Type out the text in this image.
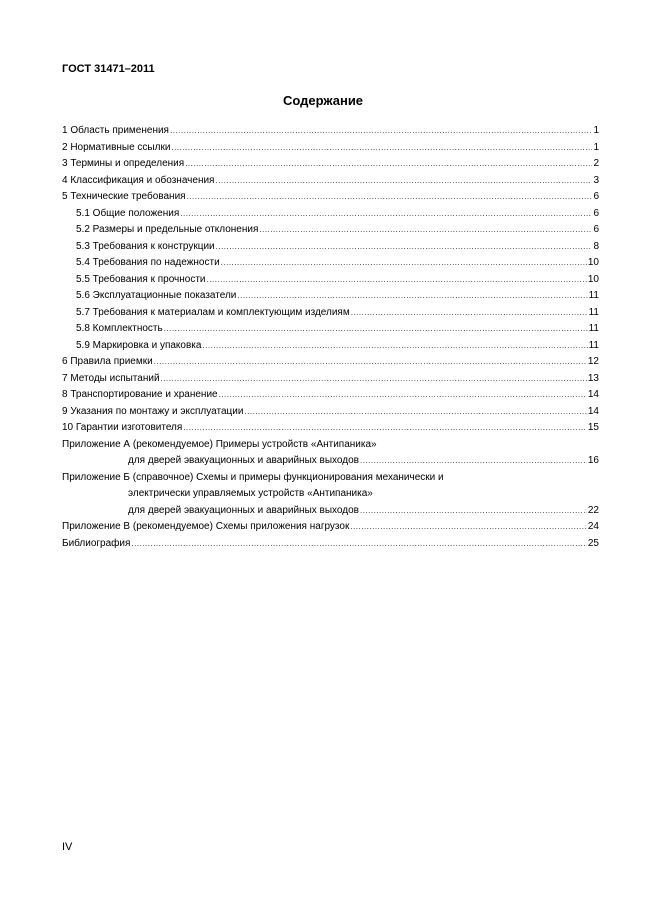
ГОСТ 31471–2011
Содержание
1 Область применения .....	1
2 Нормативные ссылки .....	1
3 Термины и определения .....	2
4 Классификация и обозначения .....	3
5 Технические требования .....	6
5.1 Общие положения .....	6
5.2 Размеры и предельные отклонения .....	6
5.3 Требования к конструкции .....	8
5.4 Требования по надежности .....	10
5.5 Требования к прочности .....	10
5.6 Эксплуатационные показатели .....	11
5.7 Требования к материалам и комплектующим изделиям .....	11
5.8 Комплектность .....	11
5.9 Маркировка и упаковка .....	11
6 Правила приемки .....	12
7 Методы испытаний .....	13
8 Транспортирование и хранение .....	14
9 Указания по монтажу и эксплуатации .....	14
10 Гарантии изготовителя .....	15
Приложение А (рекомендуемое) Примеры устройств «Антипаника»
для дверей эвакуационных и аварийных выходов .....	16
Приложение Б (справочное) Схемы и примеры функционирования механически и
электрически управляемых устройств «Антипаника»
для дверей эвакуационных и аварийных выходов .....	22
Приложение В (рекомендуемое) Схемы приложения нагрузок .....	24
Библиография .....	25
IV
